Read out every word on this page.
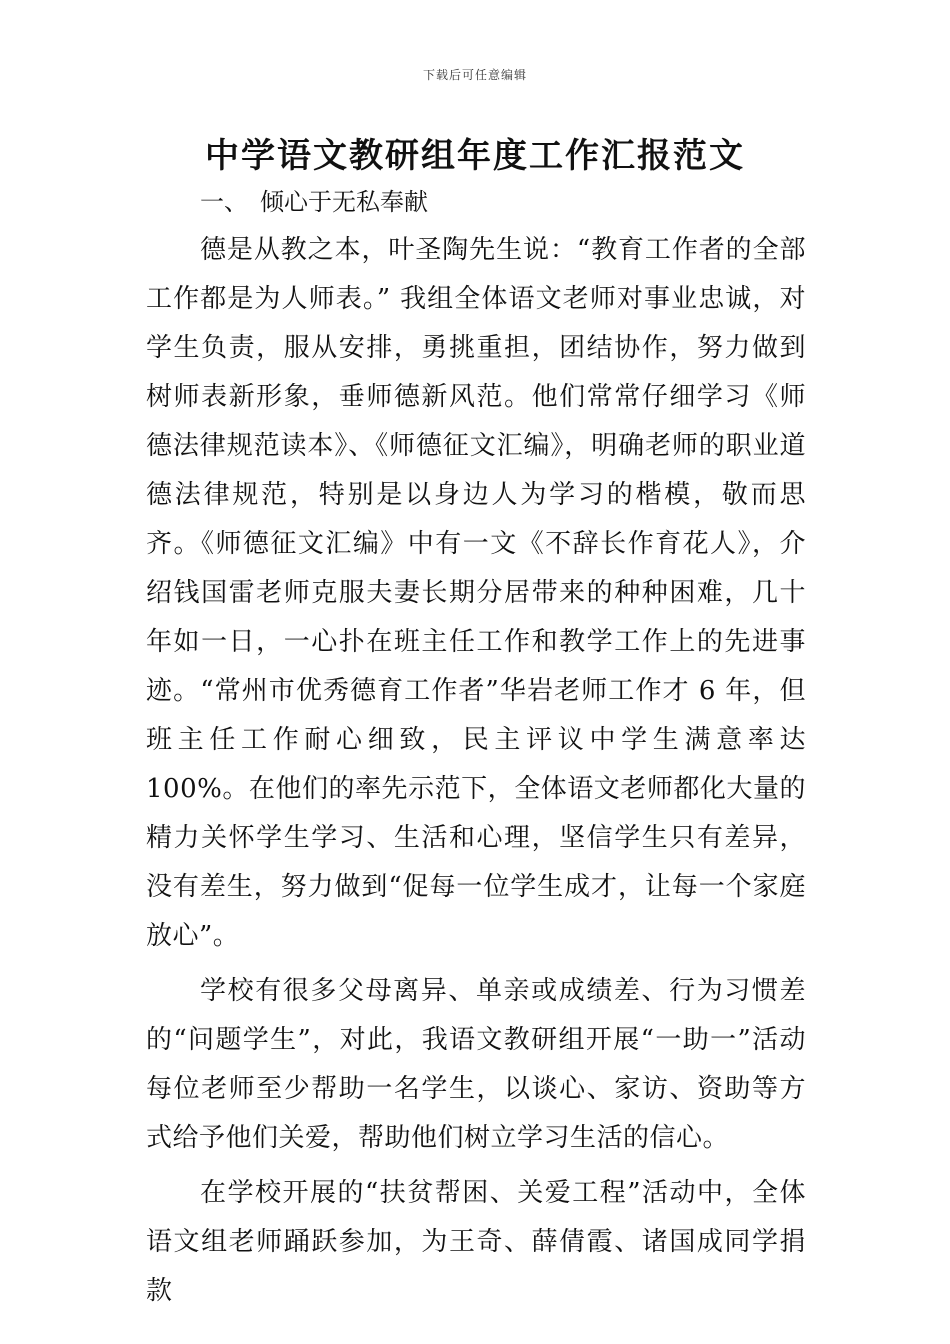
下载后可任意编辑
中学语文教研组年度工作汇报范文
一、 倾心于无私奉献

德是从教之本，叶圣陶先生说：“教育工作者的全部工作都是为人师表。” 我组全体语文老师对事业忠诚，对学生负责，服从安排，勇挑重担，团结协作，努力做到树师表新形象，垂师德新风范。他们常常仔细学习《师德法律规范读本》、《师德征文汇编》，明确老师的职业道德法律规范，特别是以身边人为学习的楷模，敬而思齐。《师德征文汇编》中有一文《不辞长作育花人》，介绍钱国雷老师克服夫妻长期分居带来的种种困难，几十年如一日，一心扑在班主任工作和教学工作上的先进事迹。“常州市优秀德育工作者”华岩老师工作才 6 年，但班主任工作耐心细致，民主评议中学生满意率达 100%。在他们的率先示范下，全体语文老师都化大量的精力关怀学生学习、生活和心理，坚信学生只有差异，没有差生，努力做到“促每一位学生成才，让每一个家庭放心”。

学校有很多父母离异、单亲或成绩差、行为习惯差的“问题学生”，对此，我语文教研组开展“一助一”活动每位老师至少帮助一名学生，以谈心、家访、资助等方式给予他们关爱，帮助他们树立学习生活的信心。

在学校开展的“扶贫帮困、关爱工程”活动中，全体语文组老师踊跃参加，为王奇、薛倩霞、诸国成同学捐款
